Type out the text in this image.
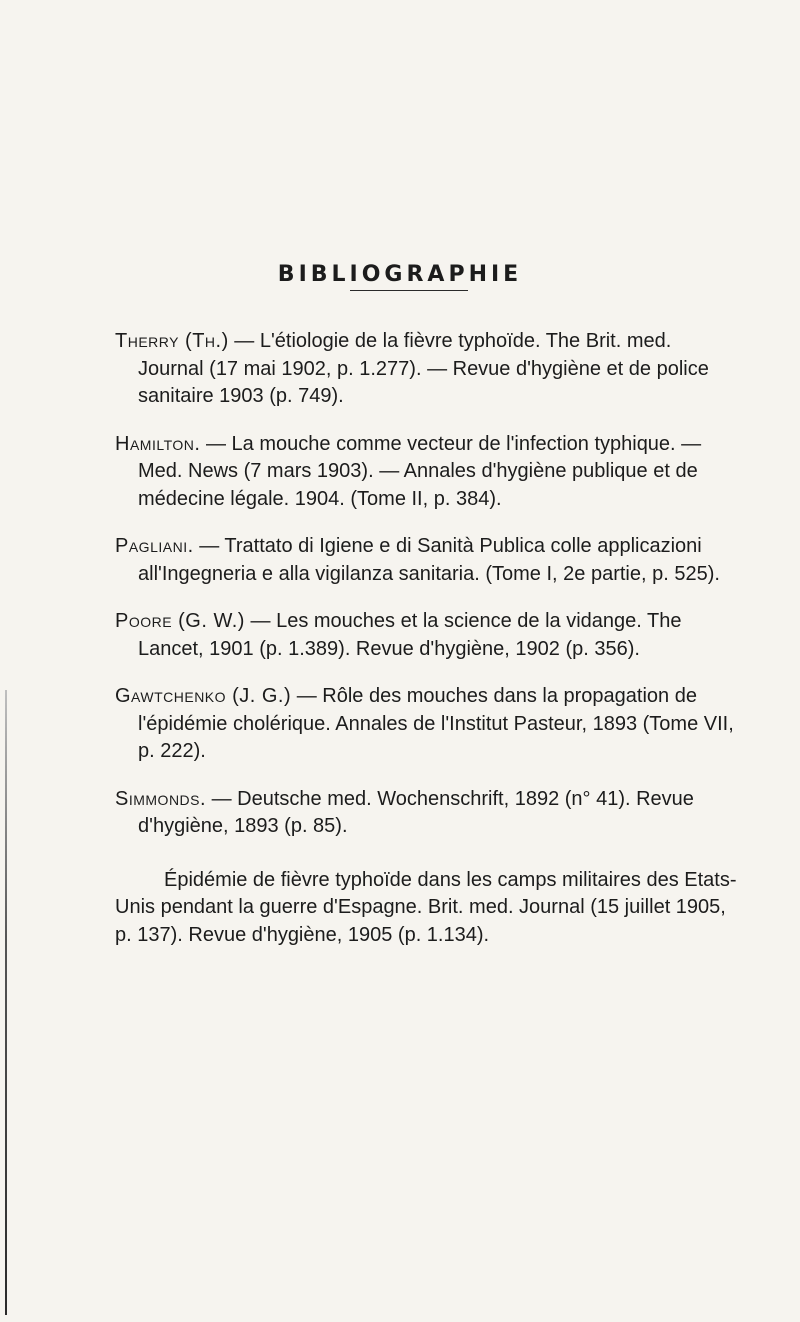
BIBLIOGRAPHIE

Therry (Th.) — L'étiologie de la fièvre typhoïde. The Brit. med. Journal (17 mai 1902, p. 1.277). — Revue d'hygiène et de police sanitaire 1903 (p. 749).

Hamilton. — La mouche comme vecteur de l'infection typhique. — Med. News (7 mars 1903). — Annales d'hygiène publique et de médecine légale. 1904. (Tome II, p. 384).

Pagliani. — Trattato di Igiene e di Sanità Publica colle applicazioni all'Ingegneria e alla vigilanza sanitaria. (Tome I, 2e partie, p. 525).

Poore (G. W.) — Les mouches et la science de la vidange. The Lancet, 1901 (p. 1.389). Revue d'hygiène, 1902 (p. 356).

Gawtchenko (J. G.) — Rôle des mouches dans la propagation de l'épidémie cholérique. Annales de l'Institut Pasteur, 1893 (Tome VII, p. 222).

Simmonds. — Deutsche med. Wochenschrift, 1892 (n° 41). Revue d'hygiène, 1893 (p. 85).

Épidémie de fièvre typhoïde dans les camps militaires des Etats-Unis pendant la guerre d'Espagne. Brit. med. Journal (15 juillet 1905, p. 137). Revue d'hygiène, 1905 (p. 1.134).
